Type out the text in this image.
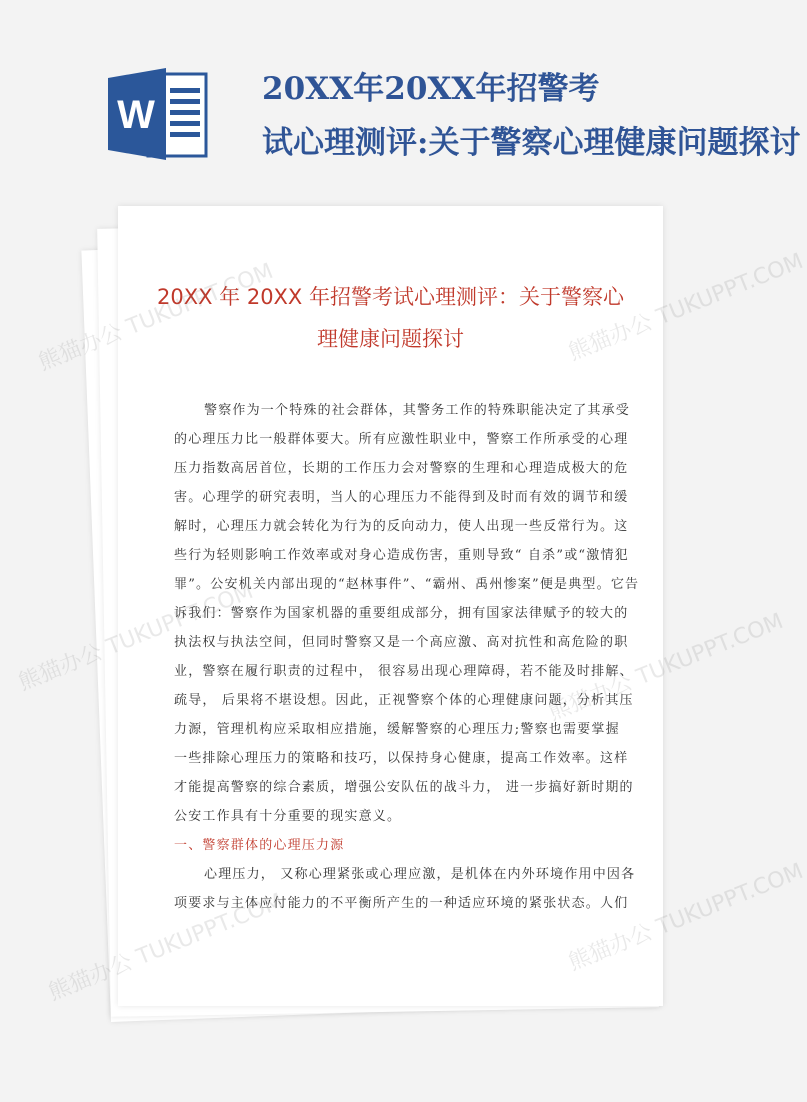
W
20XX年20XX年招警考
试心理测评:关于警察心理健康问题探讨
20XX 年 20XX 年招警考试心理测评：关于警察心
理健康问题探讨
警察作为一个特殊的社会群体，其警务工作的特殊职能决定了其承受
的心理压力比一般群体要大。所有应激性职业中，警察工作所承受的心理
压力指数高居首位，长期的工作压力会对警察的生理和心理造成极大的危
害。心理学的研究表明，当人的心理压力不能得到及时而有效的调节和缓
解时，心理压力就会转化为行为的反向动力，使人出现一些反常行为。这
些行为轻则影响工作效率或对身心造成伤害，重则导致“ 自杀”或“激情犯
罪”。公安机关内部出现的“赵林事件”、“霸州、禹州惨案”便是典型。它告
诉我们：警察作为国家机器的重要组成部分，拥有国家法律赋予的较大的
执法权与执法空间，但同时警察又是一个高应激、高对抗性和高危险的职
业，警察在履行职责的过程中， 很容易出现心理障碍，若不能及时排解、
疏导， 后果将不堪设想。因此，正视警察个体的心理健康问题，分析其压
力源，管理机构应采取相应措施，缓解警察的心理压力;警察也需要掌握
一些排除心理压力的策略和技巧，以保持身心健康，提高工作效率。这样
才能提高警察的综合素质，增强公安队伍的战斗力， 进一步搞好新时期的
公安工作具有十分重要的现实意义。
一、警察群体的心理压力源
心理压力， 又称心理紧张或心理应激，是机体在内外环境作用中因各
项要求与主体应付能力的不平衡所产生的一种适应环境的紧张状态。人们
熊猫办公	熊猫办公 TUKUPPT.COM
熊猫办公	熊猫办公 TUKUPPT.COM
熊猫办公
熊猫办公 TUKUPPT.COM
